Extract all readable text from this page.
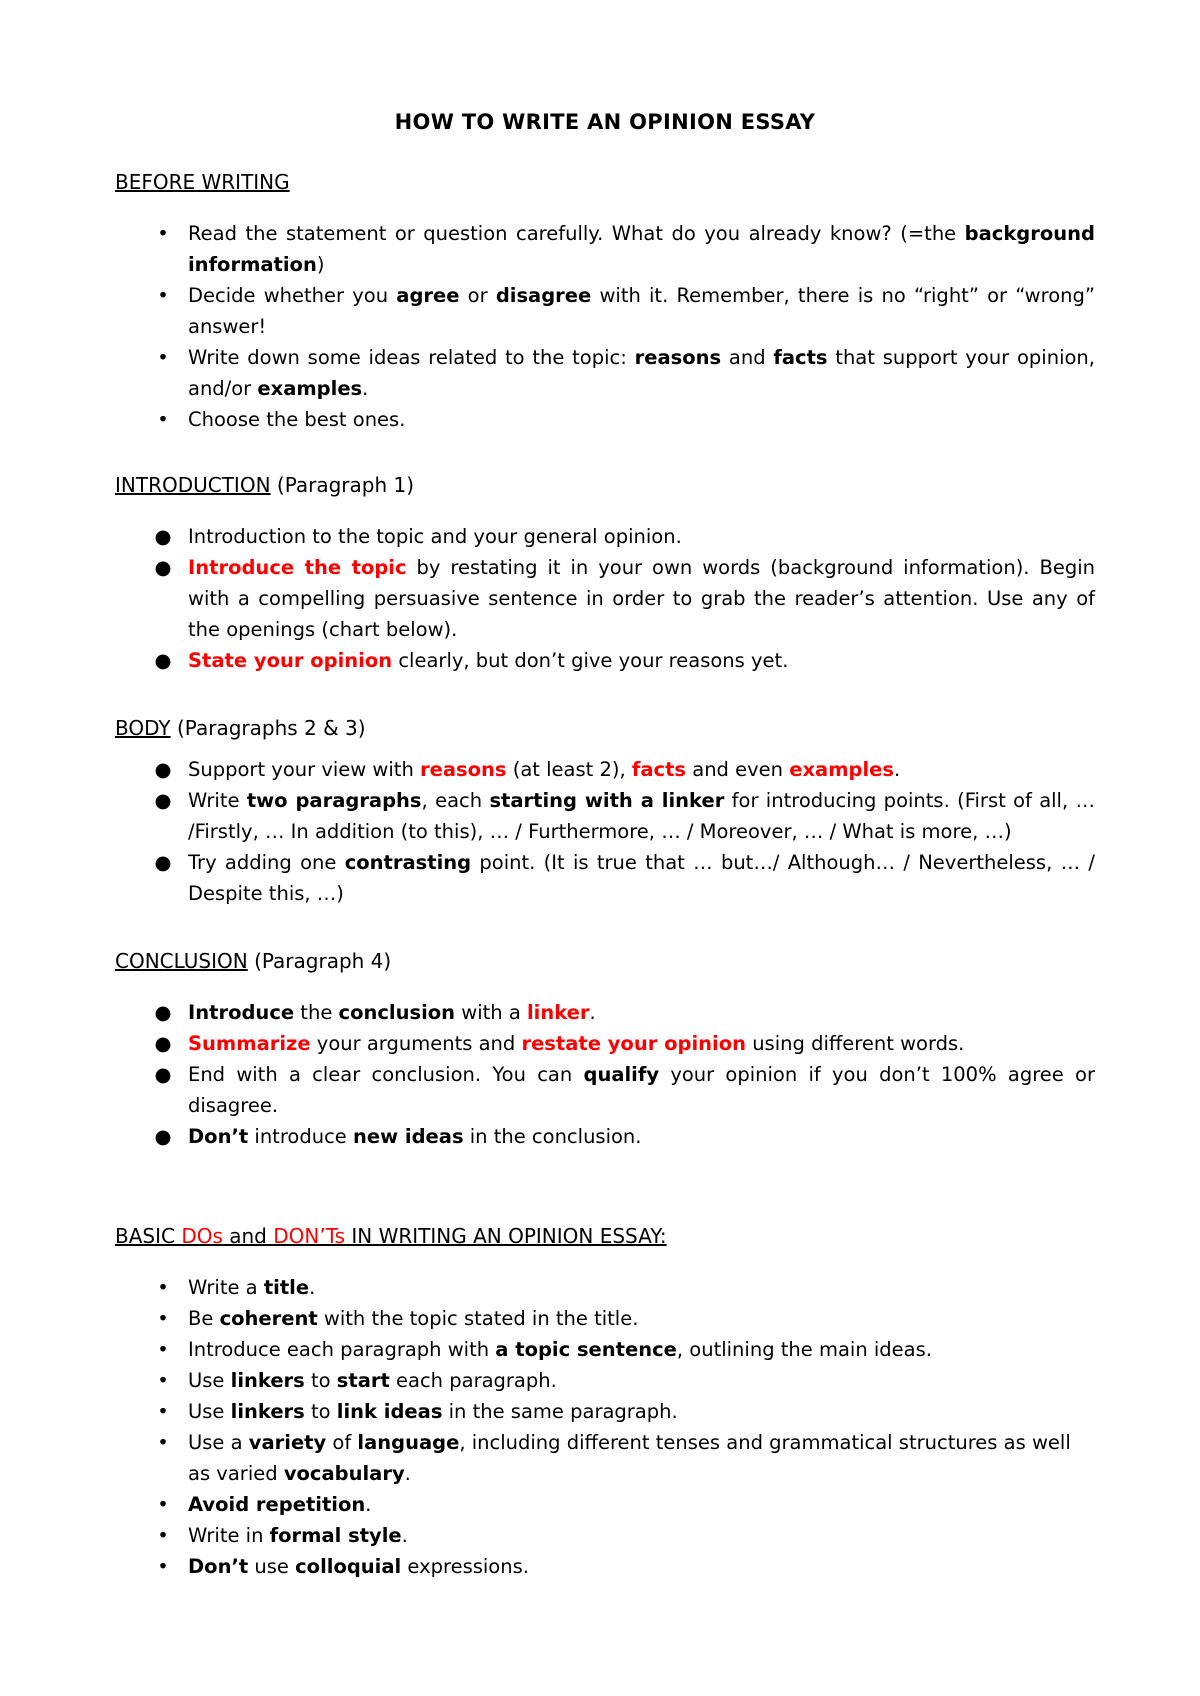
HOW TO WRITE AN OPINION ESSAY
BEFORE WRITING
• Read the statement or question carefully. What do you already know? (=the background information)
• Decide whether you agree or disagree with it. Remember, there is no “right” or “wrong” answer!
• Write down some ideas related to the topic: reasons and facts that support your opinion, and/or examples.
• Choose the best ones.
INTRODUCTION (Paragraph 1)
● Introduction to the topic and your general opinion.
● Introduce the topic by restating it in your own words (background information). Begin with a compelling persuasive sentence in order to grab the reader’s attention. Use any of the openings (chart below).
● State your opinion clearly, but don’t give your reasons yet.
BODY (Paragraphs 2 & 3)
● Support your view with reasons (at least 2), facts and even examples.
● Write two paragraphs, each starting with a linker for introducing points. (First of all, … /Firstly, … In addition (to this), … / Furthermore, … / Moreover, … / What is more, …)
● Try adding one contrasting point. (It is true that … but…/ Although… / Nevertheless, … / Despite this, …)
CONCLUSION (Paragraph 4)
● Introduce the conclusion with a linker.
● Summarize your arguments and restate your opinion using different words.
● End with a clear conclusion. You can qualify your opinion if you don’t 100% agree or disagree.
● Don’t introduce new ideas in the conclusion.
BASIC DOs and DON’Ts IN WRITING AN OPINION ESSAY:
• Write a title.
• Be coherent with the topic stated in the title.
• Introduce each paragraph with a topic sentence, outlining the main ideas.
• Use linkers to start each paragraph.
• Use linkers to link ideas in the same paragraph.
• Use a variety of language, including different tenses and grammatical structures as well as varied vocabulary.
• Avoid repetition.
• Write in formal style.
• Don’t use colloquial expressions.
